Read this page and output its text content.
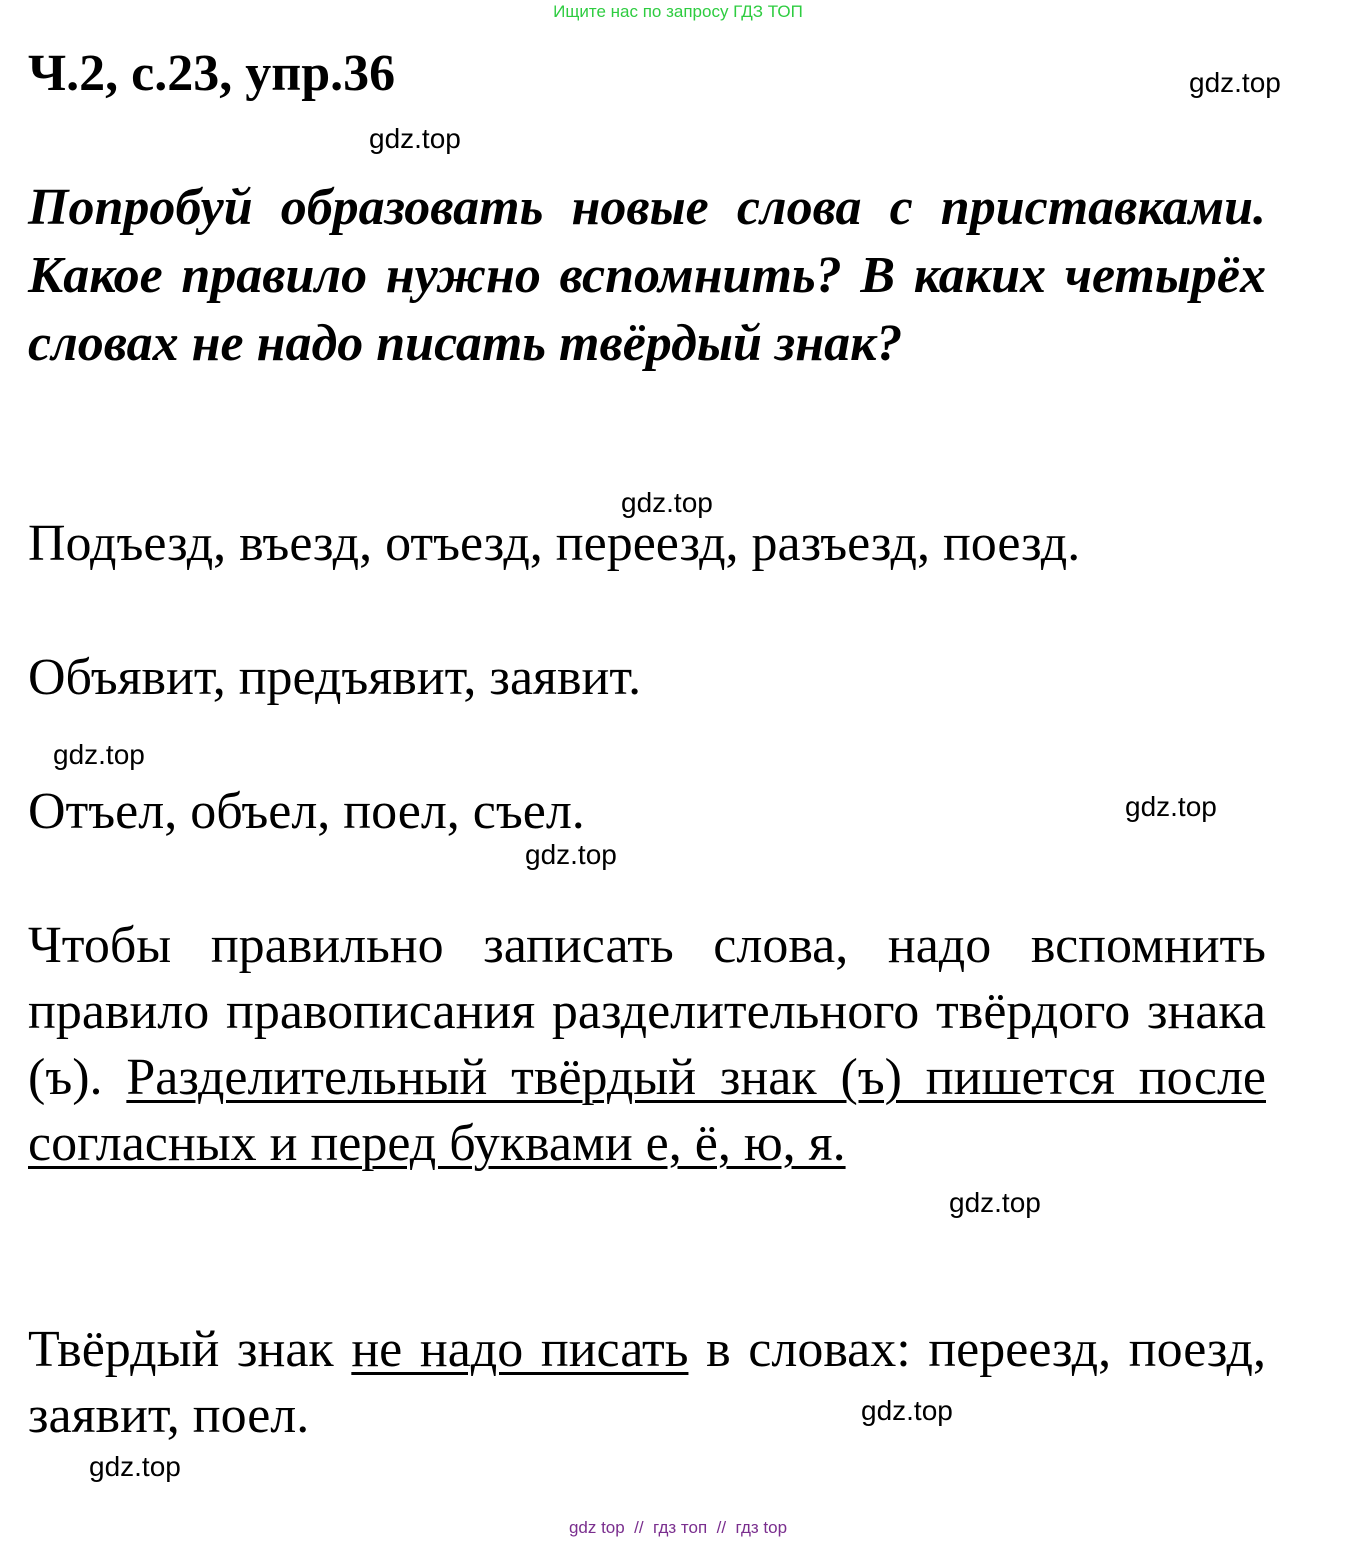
Ищите нас по запросу ГДЗ ТОП
Ч.2, с.23, упр.36	gdz.top
gdz.top

Попробуй образовать новые слова с приставками. Какое правило нужно вспомнить? В каких четырёх словах не надо писать твёрдый знак?

gdz.top

Подъезд, въезд, отъезд, переезд, разъезд, поезд.

Объявит, предъявит, заявит.

gdz.top

Отъел, объел, поел, съел.	gdz.top
gdz.top

Чтобы правильно записать слова, надо вспомнить правило правописания разделительного твёрдого знака (ъ). Разделительный твёрдый знак (ъ) пишется после согласных и перед буквами е, ё, ю, я.

gdz.top

Твёрдый знак не надо писать в словах: переезд, поезд, заявит, поел.	gdz.top
gdz.top
gdz top  //  гдз топ  //  гдз top
